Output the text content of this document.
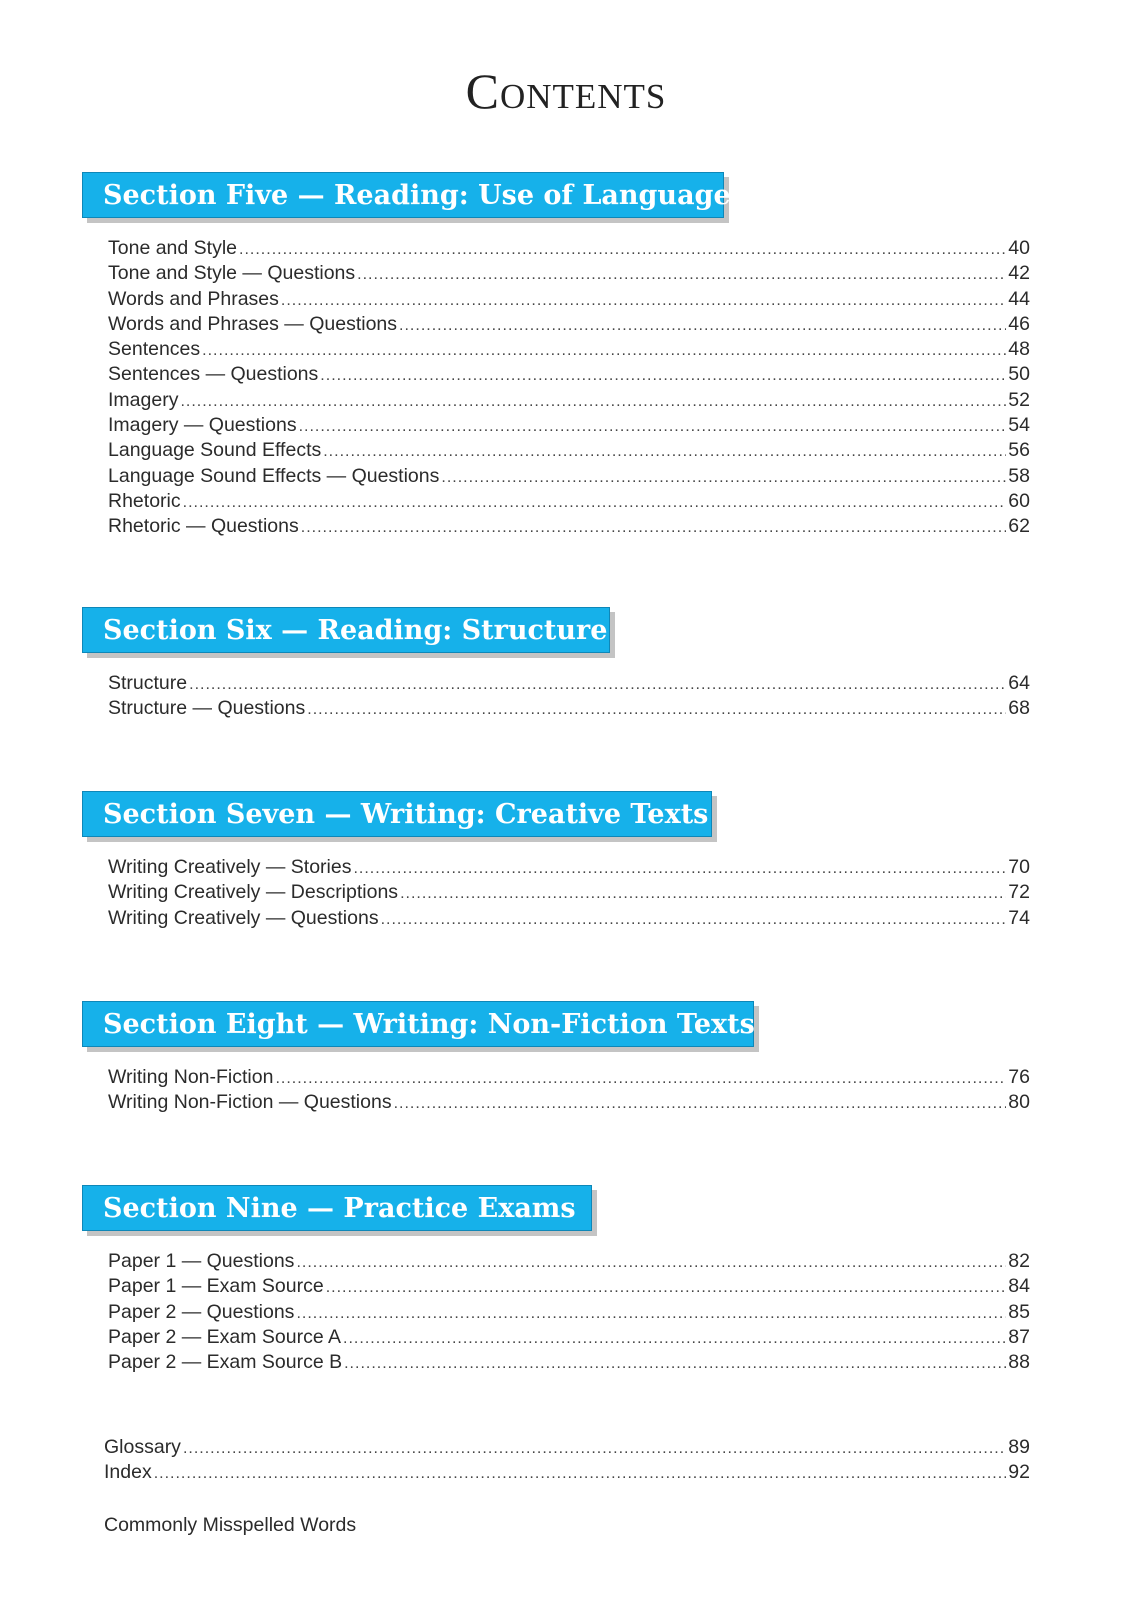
Contents
Section Five — Reading: Use of Language
Tone and Style .....	40
Tone and Style — Questions .....	42
Words and Phrases .....	44
Words and Phrases — Questions .....	46
Sentences .....	48
Sentences — Questions .....	50
Imagery .....	52
Imagery — Questions .....	54
Language Sound Effects .....	56
Language Sound Effects — Questions .....	58
Rhetoric .....	60
Rhetoric — Questions .....	62
Section Six — Reading: Structure
Structure .....	64
Structure — Questions .....	68
Section Seven — Writing: Creative Texts
Writing Creatively — Stories .....	70
Writing Creatively — Descriptions .....	72
Writing Creatively — Questions .....	74
Section Eight — Writing: Non-Fiction Texts
Writing Non-Fiction .....	76
Writing Non-Fiction — Questions .....	80
Section Nine — Practice Exams
Paper 1 — Questions .....	82
Paper 1 — Exam Source .....	84
Paper 2 — Questions .....	85
Paper 2 — Exam Source A .....	87
Paper 2 — Exam Source B .....	88
Glossary .....	89
Index .....	92
Commonly Misspelled Words
